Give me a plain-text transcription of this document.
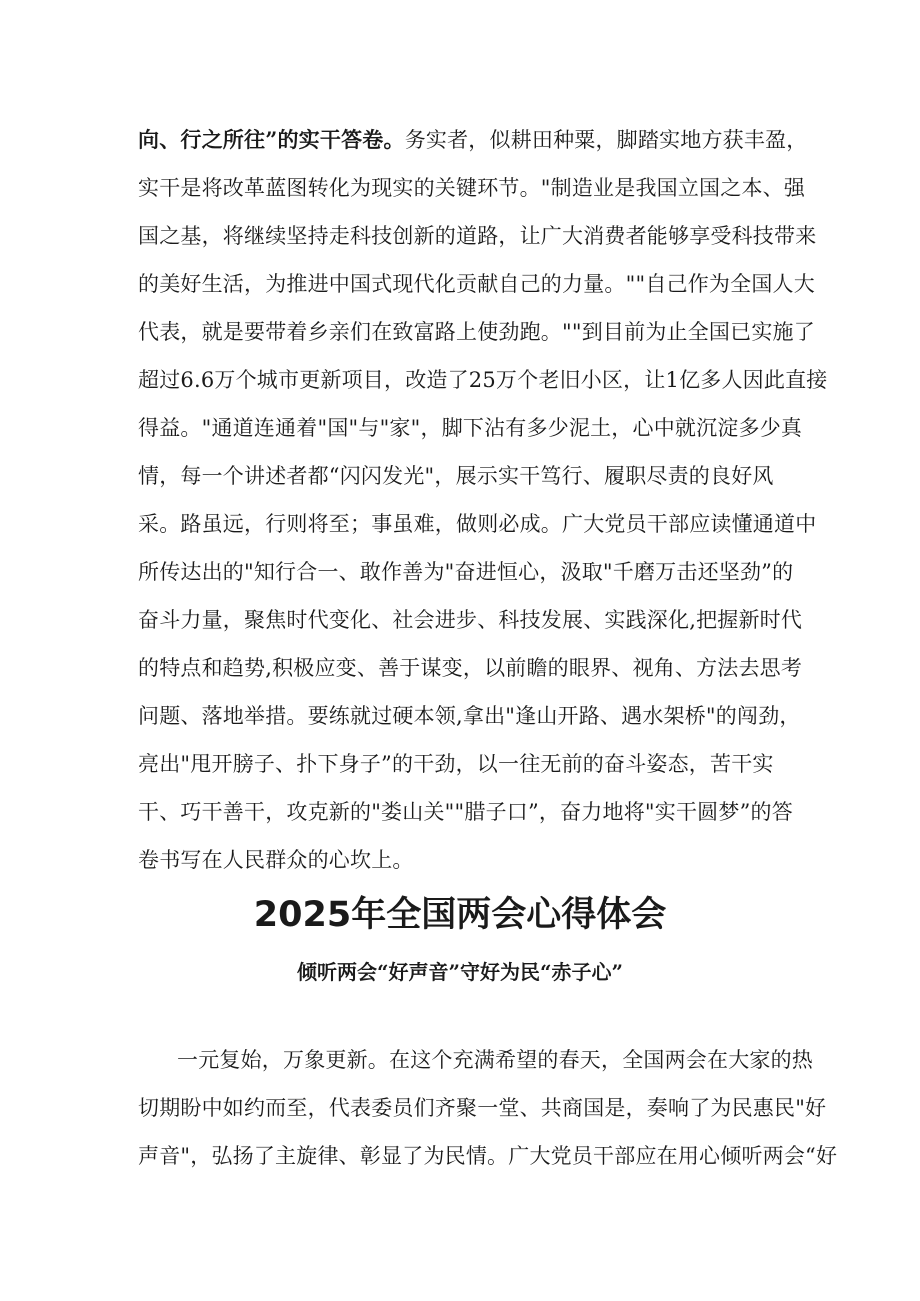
向、行之所往”的实干答卷。务实者，似耕田种粟，脚踏实地方获丰盈，
实干是将改革蓝图转化为现实的关键环节。"制造业是我国立国之本、强
国之基，将继续坚持走科技创新的道路，让广大消费者能够享受科技带来
的美好生活，为推进中国式现代化贡献自己的力量。""自己作为全国人大
代表，就是要带着乡亲们在致富路上使劲跑。""到目前为止全国已实施了
超过6.6万个城市更新项目，改造了25万个老旧小区，让1亿多人因此直接
得益。"通道连通着"国"与"家"，脚下沾有多少泥土，心中就沉淀多少真
情，每一个讲述者都“闪闪发光"，展示实干笃行、履职尽责的良好风
采。路虽远，行则将至；事虽难，做则必成。广大党员干部应读懂通道中
所传达出的"知行合一、敢作善为"奋进恒心，汲取"千磨万击还坚劲”的
奋斗力量，聚焦时代变化、社会进步、科技发展、实践深化,把握新时代
的特点和趋势,积极应变、善于谋变，以前瞻的眼界、视角、方法去思考
问题、落地举措。要练就过硬本领,拿出"逢山开路、遇水架桥"的闯劲，
亮出"甩开膀子、扑下身子”的干劲，以一往无前的奋斗姿态，苦干实
干、巧干善干，攻克新的"娄山关""腊子口”，奋力地将"实干圆梦”的答
卷书写在人民群众的心坎上。
2025年全国两会心得体会
倾听两会“好声音”守好为民“赤子心”
一元复始，万象更新。在这个充满希望的春天，全国两会在大家的热
切期盼中如约而至，代表委员们齐聚一堂、共商国是，奏响了为民惠民"好
声音"，弘扬了主旋律、彰显了为民情。广大党员干部应在用心倾听两会“好
